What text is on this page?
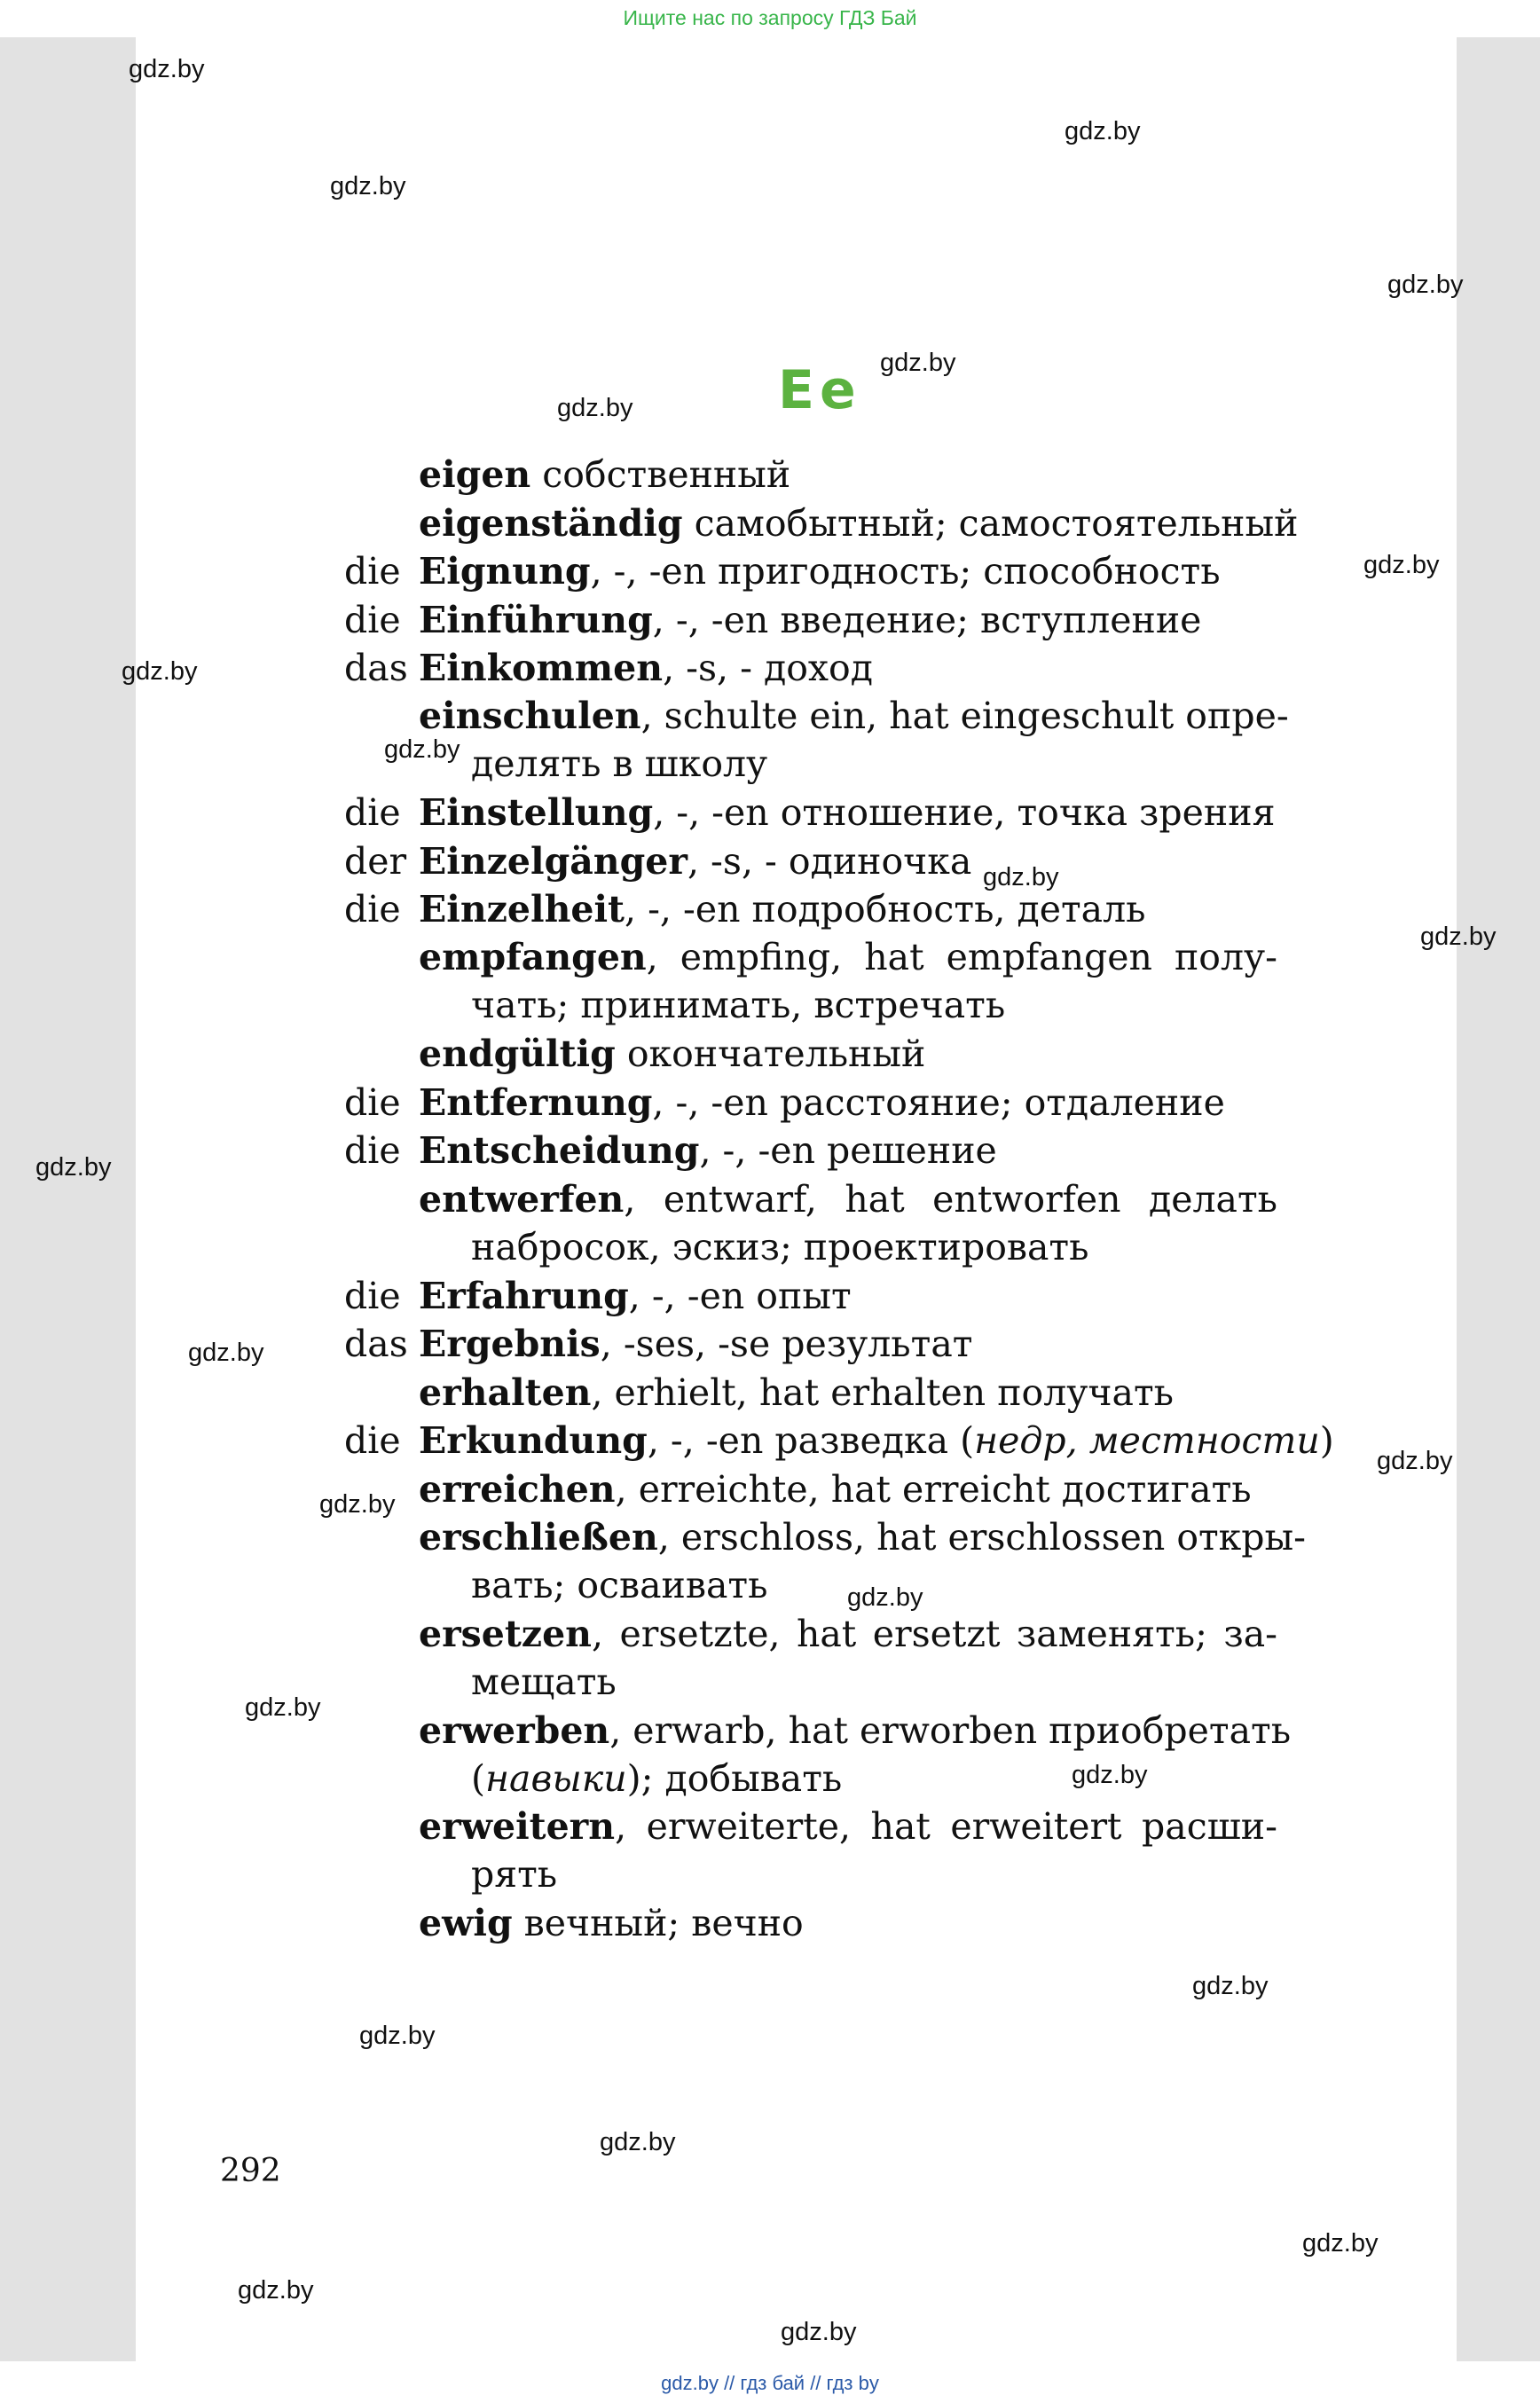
Ищите нас по запросу ГДЗ Бай
Ee
eigen собственный
eigenständig самобытный; самостоятельный
die Eignung, -, -en пригодность; способность
die Einführung, -, -en введение; вступление
das Einkommen, -s, - доход
einschulen, schulte ein, hat eingeschult опре-
делять в школу
die Einstellung, -, -en отношение, точка зрения
der Einzelgänger, -s, - одиночка
die Einzelheit, -, -en подробность, деталь
empfangen, empfing, hat empfangen полу-
чать; принимать, встречать
endgültig окончательный
die Entfernung, -, -en расстояние; отдаление
die Entscheidung, -, -en решение
entwerfen, entwarf, hat entworfen делать
набросок, эскиз; проектировать
die Erfahrung, -, -en опыт
das Ergebnis, -ses, -se результат
erhalten, erhielt, hat erhalten получать
die Erkundung, -, -en разведка (недр, местности)
erreichen, erreichte, hat erreicht достигать
erschließen, erschloss, hat erschlossen откры-
вать; осваивать
ersetzen, ersetzte, hat ersetzt заменять; за-
мещать
erwerben, erwarb, hat erworben приобретать
(навыки); добывать
erweitern, erweiterte, hat erweitert расши-
рять
ewig вечный; вечно
292
gdz.by // гдз бай // гдз by
gdz.by
gdz.by
gdz.by
gdz.by
gdz.by
gdz.by
gdz.by
gdz.by
gdz.by
gdz.by
gdz.by
gdz.by
gdz.by
gdz.by
gdz.by
gdz.by
gdz.by
gdz.by
gdz.by
gdz.by
gdz.by
gdz.by
gdz.by
gdz.by
